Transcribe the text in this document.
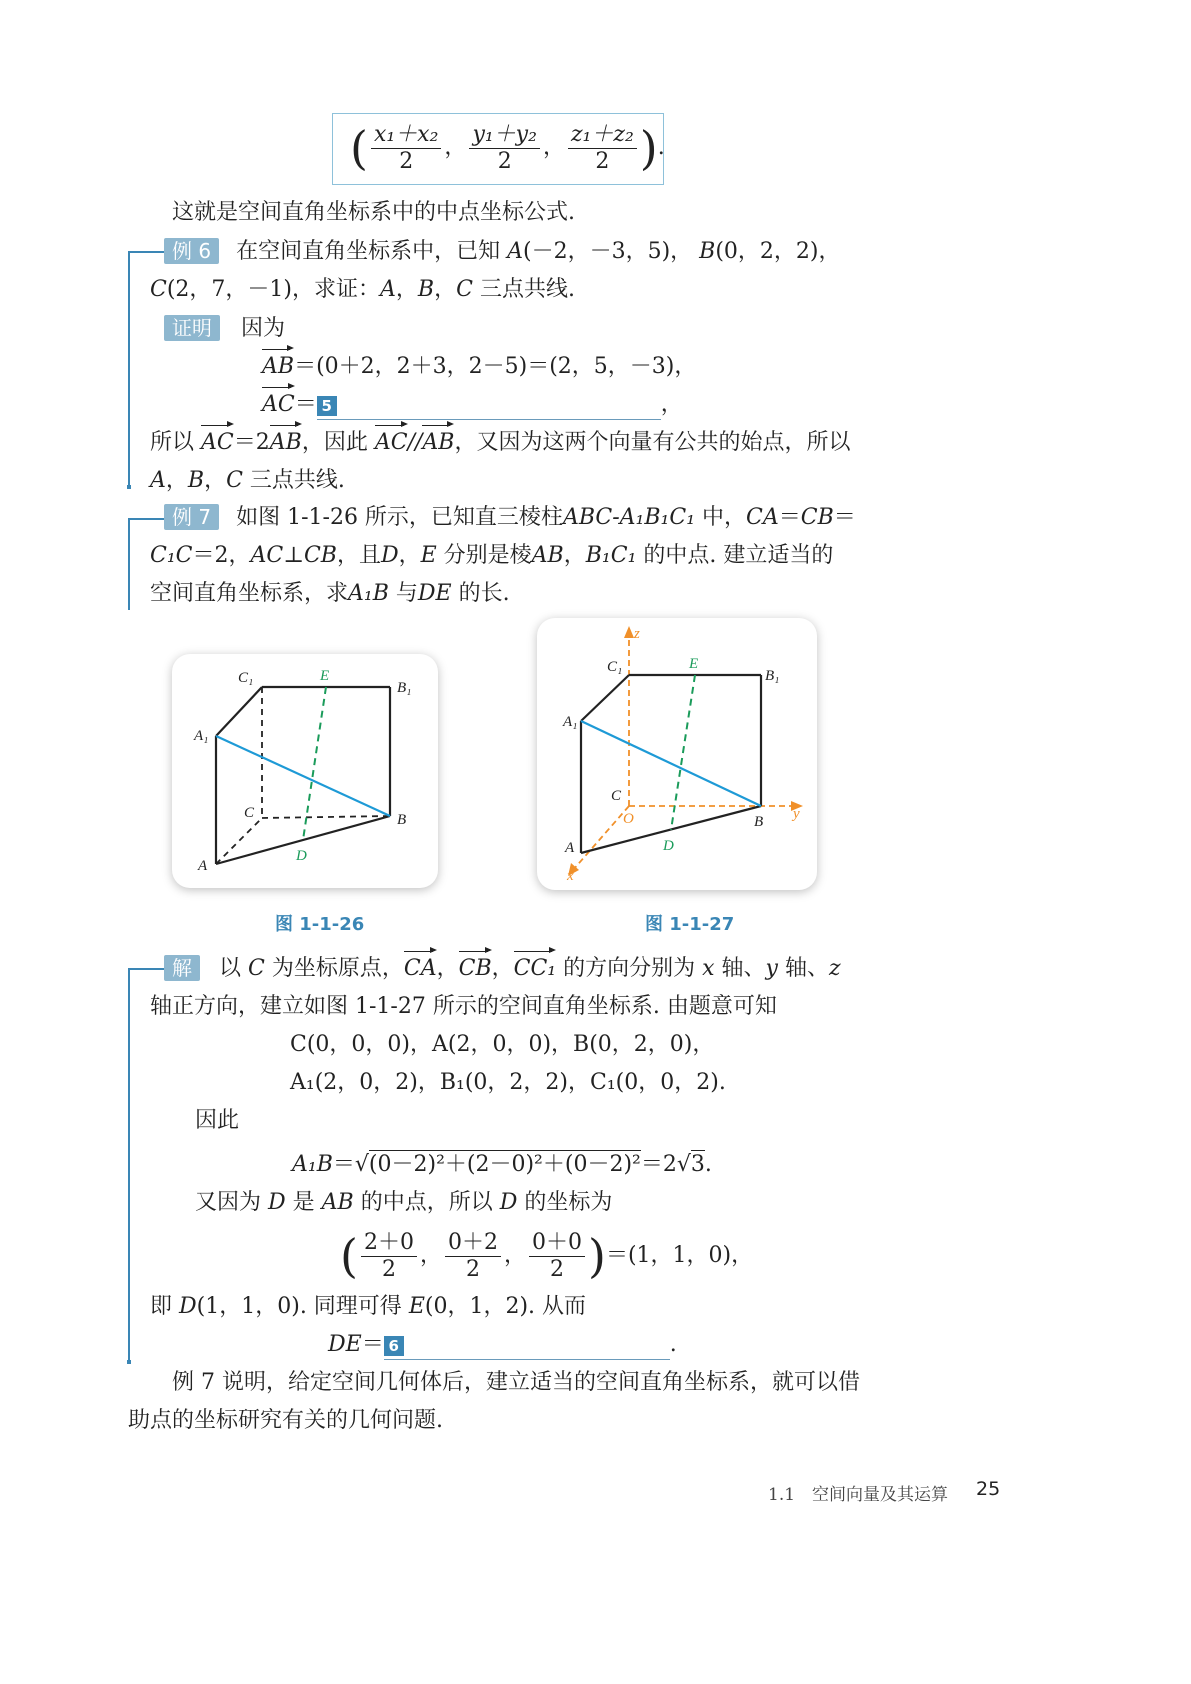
( $\frac{\text{x₁＋x₂}}{2}$ ， $\frac{\text{y₁＋y₂}}{2}$ ， $\frac{\text{z₁＋z₂}}{2}$ ).
这就是空间直角坐标系中的中点坐标公式.
例 6 在空间直角坐标系中，已知 A(－2，－3，5)， B(0，2，2)，
C(2，7，－1)，求证：A，B，C 三点共线.
证明 因为
AB＝(0＋2，2＋3，2－5)＝(2，5，－3)，
AC＝ 5	，
所以 AC＝2AB，因此 AC//AB，又因为这两个向量有公共的始点，所以
A，B，C 三点共线.
例 7 如图 1-1-26 所示，已知直三棱柱ABC-A₁B₁C₁ 中，CA＝CB＝
C₁C＝2，AC⊥CB，且D，E 分别是棱AB，B₁C₁ 的中点. 建立适当的
空间直角坐标系，求A₁B 与DE 的长.
C₁	E
B₁
A₁
C	B
D
A
图 1-1-26
z
C₁	E
B₁
A₁
C
O	B y
D
A
x
图 1-1-27
解 以 C 为坐标原点，CA，CB，CC₁ 的方向分别为 x 轴、y 轴、z
轴正方向，建立如图 1-1-27 所示的空间直角坐标系. 由题意可知
C(0，0，0)，A(2，0，0)，B(0，2，0)，
A₁(2，0，2)，B₁(0，2，2)，C₁(0，0，2).
因此
A₁B＝√(0－2)²＋(2－0)²＋(0－2)²＝2√3.
又因为 D 是 AB 的中点，所以 D 的坐标为
( $\frac{2+0}{2}$ ， $\frac{0+2}{2}$ ， $\frac{0+0}{2} )=(1$，1，0)，
即 D(1，1，0). 同理可得 E(0，1，2). 从而
DE＝ 6	.
例 7 说明，给定空间几何体后，建立适当的空间直角坐标系，就可以借
助点的坐标研究有关的几何问题.
1.1　空间向量及其运算 25
